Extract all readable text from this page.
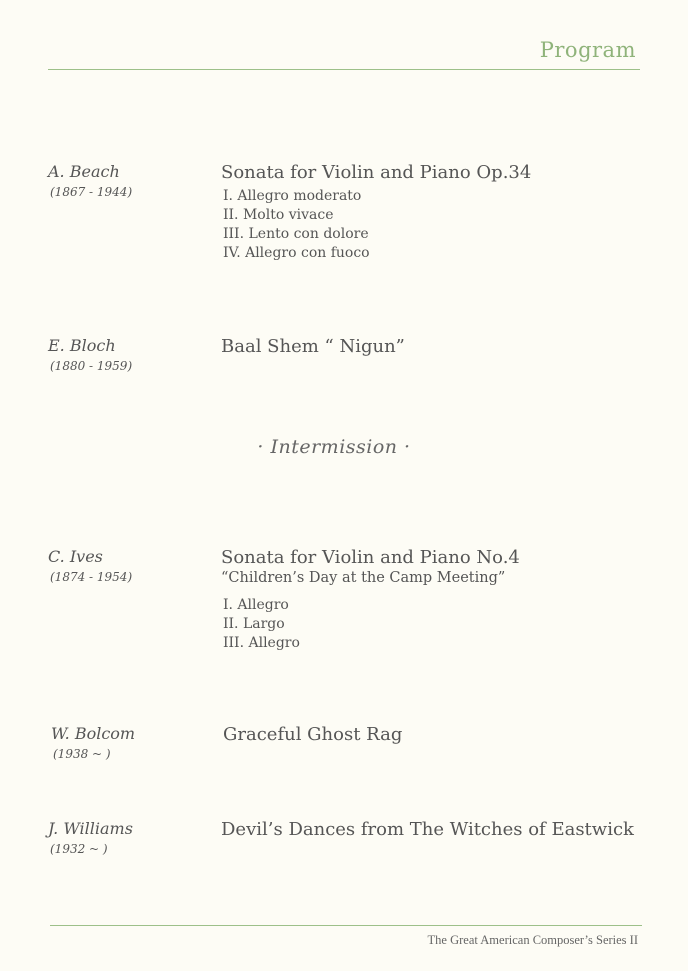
Program
A. Beach
(1867 - 1944)
Sonata for Violin and Piano Op.34
I. Allegro moderato
II. Molto vivace
III. Lento con dolore
IV. Allegro con fuoco
E. Bloch
(1880 - 1959)
Baal Shem “ Nigun”
· Intermission ·
C. Ives
(1874 - 1954)
Sonata for Violin and Piano No.4
“Children’s Day at the Camp Meeting”
I. Allegro
II. Largo
III. Allegro
W. Bolcom
(1938 ~ )
Graceful Ghost Rag
J. Williams
(1932 ~ )
Devil’s Dances from The Witches of Eastwick
The Great American Composer’s Series II
